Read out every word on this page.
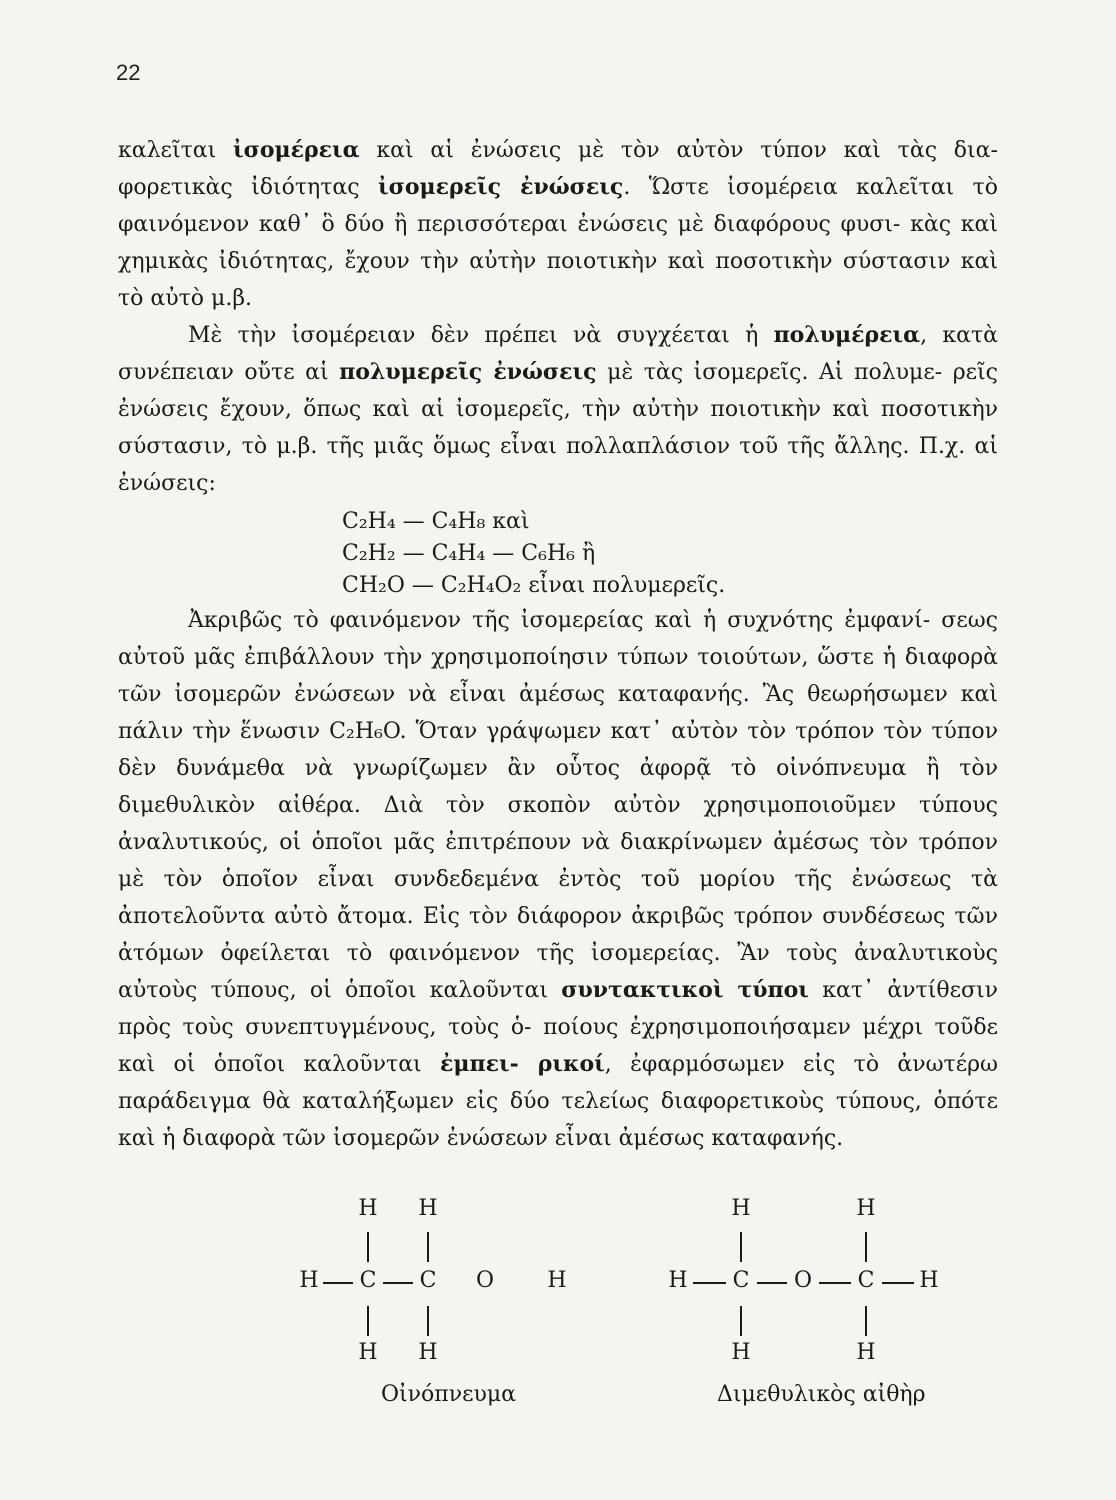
22

καλεῖται ἰσομέρεια καὶ αἱ ἐνώσεις μὲ τὸν αὐτὸν τύπον καὶ τὰς δια- φορετικὰς ἰδιότητας ἰσομερεῖς ἐνώσεις. Ὥστε ἰσομέρεια καλεῖται τὸ φαινόμενον καθ᾽ ὃ δύο ἢ περισσότεραι ἐνώσεις μὲ διαφόρους φυσι- κὰς καὶ χημικὰς ἰδιότητας, ἔχουν τὴν αὐτὴν ποιοτικὴν καὶ ποσοτικὴν σύστασιν καὶ τὸ αὐτὸ μ.β.

Μὲ τὴν ἰσομέρειαν δὲν πρέπει νὰ συγχέεται ἡ πολυμέρεια, κατὰ συνέπειαν οὔτε αἱ πολυμερεῖς ἐνώσεις μὲ τὰς ἰσομερεῖς. Αἱ πολυμε- ρεῖς ἐνώσεις ἔχουν, ὅπως καὶ αἱ ἰσομερεῖς, τὴν αὐτὴν ποιοτικὴν καὶ ποσοτικὴν σύστασιν, τὸ μ.β. τῆς μιᾶς ὅμως εἶναι πολλαπλάσιον τοῦ τῆς ἄλλης. Π.χ. αἱ ἐνώσεις:

C₂H₄ — C₄H₈ καὶ
C₂H₂ — C₄H₄ — C₆H₆ ἢ
CH₂O — C₂H₄O₂ εἶναι πολυμερεῖς.

Ἀκριβῶς τὸ φαινόμενον τῆς ἰσομερείας καὶ ἡ συχνότης ἐμφανί- σεως αὐτοῦ μᾶς ἐπιβάλλουν τὴν χρησιμοποίησιν τύπων τοιούτων, ὥστε ἡ διαφορὰ τῶν ἰσομερῶν ἐνώσεων νὰ εἶναι ἀμέσως καταφανής. Ἂς θεωρήσωμεν καὶ πάλιν τὴν ἕνωσιν C₂H₆O. Ὅταν γράψωμεν κατ᾽ αὐτὸν τὸν τρόπον τὸν τύπον δὲν δυνάμεθα νὰ γνωρίζωμεν ἂν οὗτος ἀφορᾷ τὸ οἰνόπνευμα ἢ τὸν διμεθυλικὸν αἰθέρα. Διὰ τὸν σκοπὸν αὐτὸν χρησιμοποιοῦμεν τύπους ἀναλυτικούς, οἱ ὁποῖοι μᾶς ἐπιτρέπουν νὰ διακρίνωμεν ἀμέσως τὸν τρόπον μὲ τὸν ὁποῖον εἶναι συνδεδεμένα ἐντὸς τοῦ μορίου τῆς ἐνώσεως τὰ ἀποτελοῦντα αὐτὸ ἄτομα. Εἰς τὸν διάφορον ἀκριβῶς τρόπον συνδέσεως τῶν ἀτόμων ὀφείλεται τὸ φαινόμενον τῆς ἰσομερείας. Ἂν τοὺς ἀναλυτικοὺς αὐτοὺς τύπους, οἱ ὁποῖοι καλοῦνται συντακτικοὶ τύποι κατ᾽ ἀντίθεσιν πρὸς τοὺς συνεπτυγμένους, τοὺς ὁ- ποίους ἐχρησιμοποιήσαμεν μέχρι τοῦδε καὶ οἱ ὁποῖοι καλοῦνται ἐμπει- ρικοί, ἐφαρμόσωμεν εἰς τὸ ἀνωτέρω παράδειγμα θὰ καταλήξωμεν εἰς δύο τελείως διαφορετικοὺς τύπους, ὁπότε καὶ ἡ διαφορὰ τῶν ἰσομερῶν ἐνώσεων εἶναι ἀμέσως καταφανής.

H H
H C C O H
H H
Οἰνόπνευμα
H	H
H C O C H
H	H
Διμεθυλικὸς αἰθὴρ
